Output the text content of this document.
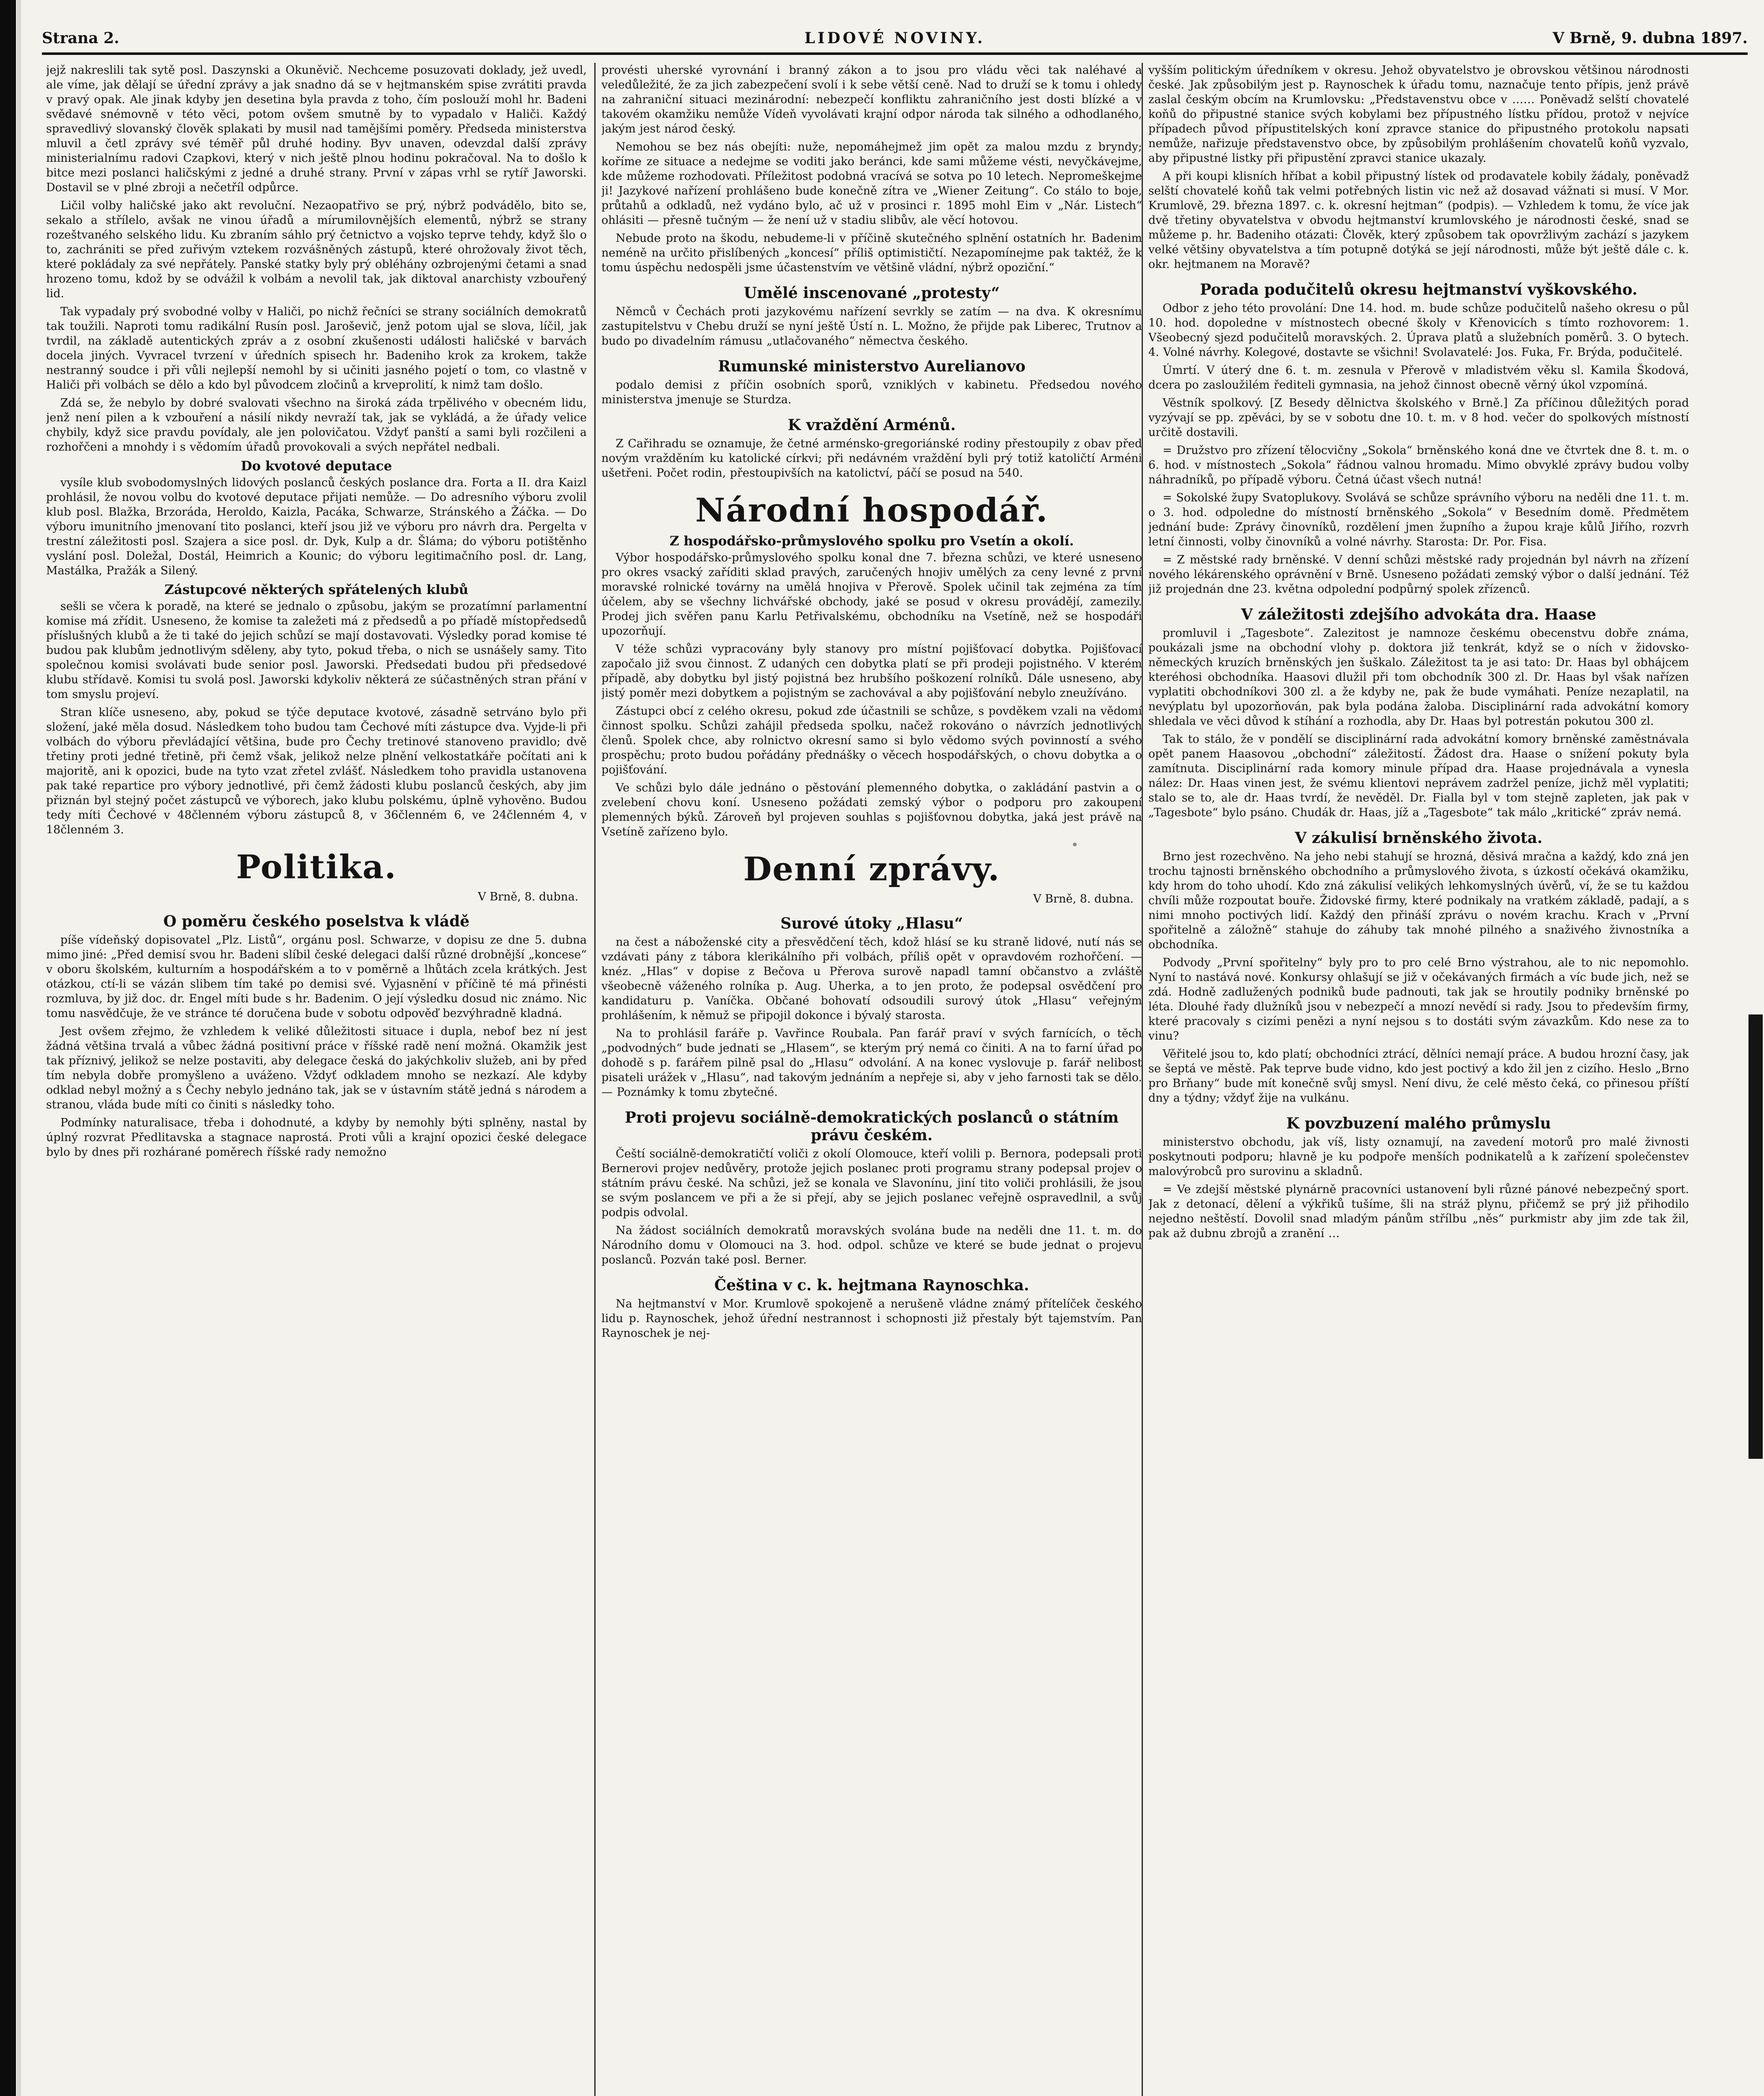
Strana 2.	LIDOVÉ NOVINY.	V Brně, 9. dubna 1897.

jejž nakreslili tak sytě posl. Daszynski a Okuněvič. Nechceme posuzovati doklady, jež uvedl, ale víme, jak dělají se úřední zprávy a jak snadno dá se v hejtmanském spise zvrátiti pravda v pravý opak. Ale jinak kdyby jen desetina byla pravda z toho, čím poslouží mohl hr. Badeni svědavé snémovně v této věci, potom ovšem smutně by to vypadalo v Haliči. Každý spravedlivý slovanský člověk splakati by musil nad tamějšími poměry. Předseda ministerstva mluvil a četl zprávy své téměř půl druhé hodiny. Byv unaven, odevzdal další zprávy ministerialnímu radovi Czapkovi, který v nich ještě plnou hodinu pokračoval. Na to došlo k bitce mezi poslanci haličskými z jedné a druhé strany. První v zápas vrhl se rytíř Jaworski. Dostavil se v plné zbroji a nečetříl odpůrce.

Ličil volby haličské jako akt revoluční. Nezaopatřivo se prý, nýbrž podvádělo, bito se, sekalo a střílelo, avšak ne vinou úřadů a mírumilovnějších elementů, nýbrž se strany rozeštvaného selského lidu. Ku zbraním sáhlo prý četnictvo a vojsko teprve tehdy, když šlo o to, zachrániti se před zuřivým vztekem rozvášněných zástupů, které ohrožovaly život těch, které pokládaly za své nepřátely. Panské statky byly prý obléhány ozbrojenými četami a snad hrozeno tomu, kdož by se odvážil k volbám a nevolil tak, jak diktoval anarchisty vzbouřený lid.

Tak vypadaly prý svobodné volby v Haliči, po nichž řečníci se strany sociálních demokratů tak toužili. Naproti tomu radikální Rusín posl. Jaroševič, jenž potom ujal se slova, líčil, jak tvrdil, na základě autentických zpráv a z osobní zkušenosti události haličské v barvách docela jiných. Vyvracel tvrzení v úředních spisech hr. Badeniho krok za krokem, takže nestranný soudce i při vůli nejlepší nemohl by si učiniti jasného pojetí o tom, co vlastně v Haliči při volbách se dělo a kdo byl původcem zločinů a krveprolití, k nimž tam došlo.

Zdá se, že nebylo by dobré svalovati všechno na široká záda trpělivého v obecném lidu, jenž není pilen a k vzbouření a násilí nikdy nevraží tak, jak se vykládá, a že úřady velice chybily, když sice pravdu povídaly, ale jen polovičatou. Vždyť panští a sami byli rozčileni a rozhořčeni a mnohdy i s vědomím úřadů provokovali a svých nepřátel nedbali.

Do kvotové deputace

vysíle klub svobodomyslných lidových poslanců českých poslance dra. Forta a II. dra Kaizl prohlásil, že novou volbu do kvotové deputace přijati nemůže. — Do adresního výboru zvolil klub posl. Blažka, Brzoráda, Heroldo, Kaizla, Pacáka, Schwarze, Stránského a Žáčka. — Do výboru imunitního jmenovaní tito poslanci, kteří jsou již ve výboru pro návrh dra. Pergelta v trestní záležitosti posl. Szajera a sice posl. dr. Dyk, Kulp a dr. Šláma; do výboru potištěnho vyslání posl. Doležal, Dostál, Heimrich a Kounic; do výboru legitimačního posl. dr. Lang, Mastálka, Pražák a Silený.

Zástupcové některých spřátelených klubů

sešli se včera k poradě, na které se jednalo o způsobu, jakým se prozatímní parlamentní komise má zřídit. Usneseno, že komise ta zaležeti má z předsedů a po příadě místopředsedů příslušných klubů a že ti také do jejich schůzí se mají dostavovati. Výsledky porad komise té budou pak klubům jednotlivým sděleny, aby tyto, pokud třeba, o nich se usnášely samy. Tito společnou komisi svolávati bude senior posl. Jaworski. Předsedati budou při předsedové klubu střídavě. Komisi tu svolá posl. Jaworski kdykoliv některá ze súčastněných stran přání v tom smyslu projeví.

Stran klíče usneseno, aby, pokud se týče deputace kvotové, zásadně setrváno bylo při složení, jaké měla dosud. Následkem toho budou tam Čechové míti zástupce dva. Vyjde-li při volbách do výboru převládající většina, bude pro Čechy tretinové stanoveno pravidlo; dvě třetiny proti jedné třetině, při čemž však, jelikož nelze plnění velkostatkáře počítati ani k majoritě, ani k opozici, bude na tyto vzat zřetel zvlášť. Následkem toho pravidla ustanovena pak také repartice pro výbory jednotlivé, při čemž žádosti klubu poslanců českých, aby jim přiznán byl stejný počet zástupců ve výborech, jako klubu polskému, úplně vyhověno. Budou tedy míti Čechové v 48členném výboru zástupců 8, v 36členném 6, ve 24členném 4, v 18členném 3.

Politika.
V Brně, 8. dubna.
O poměru českého poselstva k vládě

píše vídeňský dopisovatel „Plz. Listů“, orgánu posl. Schwarze, v dopisu ze dne 5. dubna mimo jiné: „Před demisí svou hr. Badeni slíbil české delegaci další různé drobnější „koncese“ v oboru školském, kulturním a hospodářském a to v poměrně a lhůtách zcela krátkých. Jest otázkou, ctí-li se vázán slibem tím také po demisi své. Vyjasnění v příčině té má přinésti rozmluva, by již doc. dr. Engel míti bude s hr. Badenim. O její výsledku dosud nic známo. Nic tomu nasvědčuje, že ve stránce té doručena bude v sobotu odpověď bezvýhradně kladná.

Jest ovšem zřejmo, že vzhledem k veliké důležitosti situace i dupla, nebof bez ní jest žádná většina trvalá a vůbec žádná positivní práce v říšské radě není možná. Okamžik jest tak příznivý, jelikož se nelze postaviti, aby delegace česká do jakýchkoliv služeb, ani by před tím nebyla dobře promyšleno a uváženo. Vždyť odkladem mnoho se nezkazí. Ale kdyby odklad nebyl možný a s Čechy nebylo jednáno tak, jak se v ústavním státě jedná s národem a stranou, vláda bude míti co činiti s následky toho.

Podmínky naturalisace, třeba i dohodnuté, a kdyby by nemohly býti splněny, nastal by úplný rozvrat Předlitavska a stagnace naprostá. Proti vůli a krajní opozici české delegace bylo by dnes při rozhárané poměrech říšské rady nemožno

provésti uherské vyrovnání i branný zákon a to jsou pro vládu věci tak naléhavé a veledůležité, že za jich zabezpečení svolí i k sebe větší ceně. Nad to druží se k tomu i ohledy na zahraniční situaci mezinárodní: nebezpečí konfliktu zahraničního jest dosti blízké a v takovém okamžiku nemůže Vídeň vyvolávati krajní odpor národa tak silného a odhodlaného, jakým jest národ český.

Nemohou se bez nás obejíti: nuže, nepomáhejmež jim opět za malou mzdu z bryndy; koříme ze situace a nedejme se voditi jako beránci, kde sami můžeme vésti, nevyčkávejme, kde můžeme rozhodovati. Příležitost podobná vracívá se sotva po 10 letech. Nepromeškejme ji! Jazykové nařízení prohlášeno bude konečně zítra ve „Wiener Zeitung“. Co stálo to boje, průtahů a odkladů, než vydáno bylo, ač už v prosinci r. 1895 mohl Eim v „Nár. Listech“ ohlásiti — přesně tučným — že není už v stadiu slibův, ale věcí hotovou.

Nebude proto na škodu, nebudeme-li v příčině skutečného splnění ostatních hr. Badenim neméně na určito přislíbených „koncesí“ příliš optimističtí. Nezapomínejme pak taktéž, že k tomu úspěchu nedospěli jsme účastenstvím ve většině vládní, nýbrž opoziční.“

Umělé inscenované „protesty“

Němců v Čechách proti jazykovému nařízení sevrkly se zatím — na dva. K okresnímu zastupitelstvu v Chebu druží se nyní ještě Ústí n. L. Možno, že přijde pak Liberec, Trutnov a budo po divadelním rámusu „utlačovaného“ němectva českého.

Rumunské ministerstvo Aurelianovo

podalo demisi z příčin osobních sporů, vzniklých v kabinetu. Předsedou nového ministerstva jmenuje se Sturdza.

K vraždění Arménů.

Z Cařihradu se oznamuje, že četné arménsko-gregoriánské rodiny přestoupily z obav před novým vražděním ku katolické církvi; při nedávném vraždění byli prý totiž katoličtí Arméni ušetřeni. Počet rodin, přestoupivších na katolictví, páčí se posud na 540.

Národní hospodář.
Z hospodářsko-průmyslového spolku pro Vsetín a okolí.

Výbor hospodářsko-průmyslového spolku konal dne 7. března schůzi, ve které usneseno pro okres vsacký zaříditi sklad pravých, zaručených hnojiv umělých za ceny levné z první moravské rolnické továrny na umělá hnojiva v Přerově. Spolek učinil tak zejména za tím účelem, aby se všechny lichvářské obchody, jaké se posud v okresu provádějí, zamezily. Prodej jich svěřen panu Karlu Petřivalskému, obchodníku na Vsetíně, než se hospodáři upozorňují.

V téže schůzi vypracovány byly stanovy pro místní pojišťovací dobytka. Pojišťovací započalo již svou činnost. Z udaných cen dobytka platí se při prodeji pojistného. V kterém případě, aby dobytku byl jistý pojistná bez hrubšího poškození rolníků. Dále usneseno, aby jistý poměr mezi dobytkem a pojistným se zachovával a aby pojišťování nebylo zneužíváno.

Zástupci obcí z celého okresu, pokud zde účastnili se schůze, s povděkem vzali na vědomí činnost spolku. Schůzi zahájil předseda spolku, načež rokováno o návrzích jednotlivých členů. Spolek chce, aby rolnictvo okresní samo si bylo vědomo svých povinností a svého prospěchu; proto budou pořádány přednášky o věcech hospodářských, o chovu dobytka a o pojišťování.

Ve schůzi bylo dále jednáno o pěstování plemenného dobytka, o zakládání pastvin a o zvelebení chovu koní. Usneseno požádati zemský výbor o podporu pro zakoupení plemenných býků. Zároveň byl projeven souhlas s pojišťovnou dobytka, jaká jest právě na Vsetíně zařízeno bylo.

Denní zprávy.
V Brně, 8. dubna.
Surové útoky „Hlasu“

na čest a náboženské city a přesvědčení těch, kdož hlásí se ku straně lidové, nutí nás se vzdávati pány z tábora klerikálního při volbách, příliš opět v opravdovém rozhořčení. — knéz. „Hlas“ v dopise z Bečova u Přerova surově napadl tamní občanstvo a zvláště všeobecně váženého rolníka p. Aug. Uherka, a to jen proto, že podepsal osvědčení pro kandidaturu p. Vaníčka. Občané bohovatí odsoudili surový útok „Hlasu“ veřejným prohlášením, k němuž se připojil dokonce i bývalý starosta.

Na to prohlásil faráře p. Vavřince Roubala. Pan farář praví v svých farnících, o těch „podvodných“ bude jednati se „Hlasem“, se kterým prý nemá co činiti. A na to farní úřad po dohodě s p. farářem pilně psal do „Hlasu“ odvolání. A na konec vyslovuje p. farář nelibost pisateli urážek v „Hlasu“, nad takovým jednáním a nepřeje si, aby v jeho farnosti tak se dělo. — Poznámky k tomu zbytečné.

Proti projevu sociálně-demokratických poslanců o státním právu českém.

Čeští sociálně-demokratičtí voliči z okolí Olomouce, kteří volili p. Bernora, podepsali proti Bernerovi projev nedůvěry, protože jejich poslanec proti programu strany podepsal projev o státním právu české. Na schůzi, jež se konala ve Slavonínu, jiní tito voliči prohlásili, že jsou se svým poslancem ve při a že si přejí, aby se jejich poslanec veřejně ospravedlnil, a svůj podpis odvolal.

Na žádost sociálních demokratů moravských svolána bude na neděli dne 11. t. m. do Národního domu v Olomouci na 3. hod. odpol. schůze ve které se bude jednat o projevu poslanců. Pozván také posl. Berner.

Čeština v c. k. hejtmana Raynoschka.

Na hejtmanství v Mor. Krumlově spokojeně a nerušeně vládne známý přítelíček českého lidu p. Raynoschek, jehož úřední nestrannost i schopnosti již přestaly být tajemstvím. Pan Raynoschek je nej-

vyšším politickým úředníkem v okresu. Jehož obyvatelstvo je obrovskou většinou národnosti české. Jak způsobilým jest p. Raynoschek k úřadu tomu, naznačuje tento přípis, jenž právě zaslal českým obcím na Krumlovsku: „Představenstvu obce v …… Poněvadž selští chovatelé koňů do připustné stanice svých kobylami bez přípustného lístku přídou, protož v nejvíce případech původ přípustitelských koní zpravce stanice do připustného protokolu napsati nemůže, nařizuje představenstvo obce, by způsobilým prohlášením chovatelů koňů vyzvalo, aby připustné listky při připustění zpravci stanice ukazaly.

A při koupi klisních hříbat a kobil připustný lístek od prodavatele kobily žádaly, poněvadž selští chovatelé koňů tak velmi potřebných listin vic než až dosavad vážnati si musí. V Mor. Krumlově, 29. března 1897. c. k. okresní hejtman“ (podpis). — Vzhledem k tomu, že více jak dvě třetiny obyvatelstva v obvodu hejtmanství krumlovského je národnosti české, snad se můžeme p. hr. Badeniho otázati: Člověk, který způsobem tak opovržlivým zachází s jazykem velké většiny obyvatelstva a tím potupně dotýká se její národnosti, může být ještě dále c. k. okr. hejtmanem na Moravě?

Porada podučitelů okresu hejtmanství vyškovského.

Odbor z jeho této provolání: Dne 14. hod. m. bude schůze podučitelů našeho okresu o půl 10. hod. dopoledne v místnostech obecné školy v Křenovicích s tímto rozhovorem: 1. Všeobecný sjezd podučitelů moravských. 2. Úprava platů a služebních poměrů. 3. O bytech. 4. Volné návrhy. Kolegové, dostavte se všichni! Svolavatelé: Jos. Fuka, Fr. Brýda, podučitelé.

Úmrtí. V úterý dne 6. t. m. zesnula v Přerově v mladistvém věku sl. Kamila Škodová, dcera po zasloužilém řediteli gymnasia, na jehož činnost obecně věrný úkol vzpomíná.

Věstník spolkový. [Z Besedy dělnictva školského v Brně.] Za příčinou důležitých porad vyzývají se pp. zpěváci, by se v sobotu dne 10. t. m. v 8 hod. večer do spolkových místností určitě dostavili.

= Družstvo pro zřízení tělocvičny „Sokola“ brněnského koná dne ve čtvrtek dne 8. t. m. o 6. hod. v místnostech „Sokola“ řádnou valnou hromadu. Mimo obvyklé zprávy budou volby náhradníků, po případě výboru. Četná účast všech nutná!

= Sokolské župy Svatoplukovy. Svolává se schůze správního výboru na neděli dne 11. t. m. o 3. hod. odpoledne do místností brněnského „Sokola“ v Besedním domě. Předmětem jednání bude: Zprávy činovníků, rozdělení jmen župního a župou kraje kůlů Jiřího, rozvrh letní činnosti, volby činovníků a volné návrhy. Starosta: Dr. Por. Fisa.

= Z městské rady brněnské. V denní schůzi městské rady projednán byl návrh na zřízení nového lékárenského oprávnění v Brně. Usneseno požádati zemský výbor o další jednání. Též již projednán dne 23. května odpolední podpůrný spolek zřízenců.

V záležitosti zdejšího advokáta dra. Haase

promluvil i „Tagesbote“. Zalezitost je namnoze českému obecenstvu dobře známa, poukázali jsme na obchodní vlohy p. doktora již tenkrát, když se o ních v židovsko-německých kruzích brněnských jen šuškalo. Záležitost ta je asi tato: Dr. Haas byl obhájcem kteréhosi obchodníka. Haasovi dlužil při tom obchodník 300 zl. Dr. Haas byl však nařízen vyplatiti obchodníkovi 300 zl. a že kdyby ne, pak že bude vymáhati. Peníze nezaplatil, na nevýplatu byl upozorňován, pak byla podána žaloba. Disciplinární rada advokátní komory shledala ve věci důvod k stíhání a rozhodla, aby Dr. Haas byl potrestán pokutou 300 zl.

Tak to stálo, že v pondělí se disciplinární rada advokátní komory brněnské zaměstnávala opět panem Haasovou „obchodní“ záležitostí. Žádost dra. Haase o snížení pokuty byla zamítnuta. Disciplinární rada komory minule případ dra. Haase projednávala a vynesla nález: Dr. Haas vinen jest, že svému klientovi neprávem zadržel peníze, jichž měl vyplatiti; stalo se to, ale dr. Haas tvrdí, že nevěděl. Dr. Fialla byl v tom stejně zapleten, jak pak v „Tagesbote“ bylo psáno. Chudák dr. Haas, jíž a „Tagesbote“ tak málo „kritické“ zpráv nemá.

V zákulisí brněnského života.

Brno jest rozechvěno. Na jeho nebi stahují se hrozná, děsivá mračna a každý, kdo zná jen trochu tajnosti brněnského obchodního a průmyslového života, s úzkostí očekává okamžiku, kdy hrom do toho uhodí. Kdo zná zákulisí velikých lehkomyslných úvěrů, ví, že se tu každou chvíli může rozpoutat bouře. Židovské firmy, které podnikaly na vratkém základě, padají, a s nimi mnoho poctivých lidí. Každý den přináší zprávu o novém krachu. Krach v „První spořitelně a záložně“ stahuje do záhuby tak mnohé pilného a snaživého živnostníka a obchodníka.

Podvody „První spořitelny“ byly pro to pro celé Brno výstrahou, ale to nic nepomohlo. Nyní to nastává nové. Konkursy ohlašují se již v očekávaných firmách a víc bude jich, než se zdá. Hodně zadlužených podniků bude padnouti, tak jak se hroutily podniky brněnské po léta. Dlouhé řady dlužníků jsou v nebezpečí a mnozí nevědí si rady. Jsou to především firmy, které pracovaly s cizími penězi a nyní nejsou s to dostáti svým závazkům. Kdo nese za to vinu?

Věřitelé jsou to, kdo platí; obchodníci ztrácí, dělníci nemají práce. A budou hrozní časy, jak se šeptá ve městě. Pak teprve bude vidno, kdo jest poctivý a kdo žil jen z cizího. Heslo „Brno pro Brňany“ bude mít konečně svůj smysl. Není divu, že celé město čeká, co přinesou příští dny a týdny; vždyť žije na vulkánu.

K povzbuzení malého průmyslu

ministerstvo obchodu, jak víš, listy oznamují, na zavedení motorů pro malé živnosti poskytnouti podporu; hlavně je ku podpoře menších podnikatelů a k zařízení společenstev malovýrobců pro surovinu a skladnů.

= Ve zdejší městské plynárně pracovníci ustanovení byli různé pánové nebezpečný sport. Jak z detonací, dělení a výkřiků tušíme, šli na stráž plynu, přičemž se prý již přihodilo nejedno neštěstí. Dovolil snad mladým pánům střílbu „něs“ purkmistr aby jim zde tak žil, pak až dubnu zbrojů a zranění …
